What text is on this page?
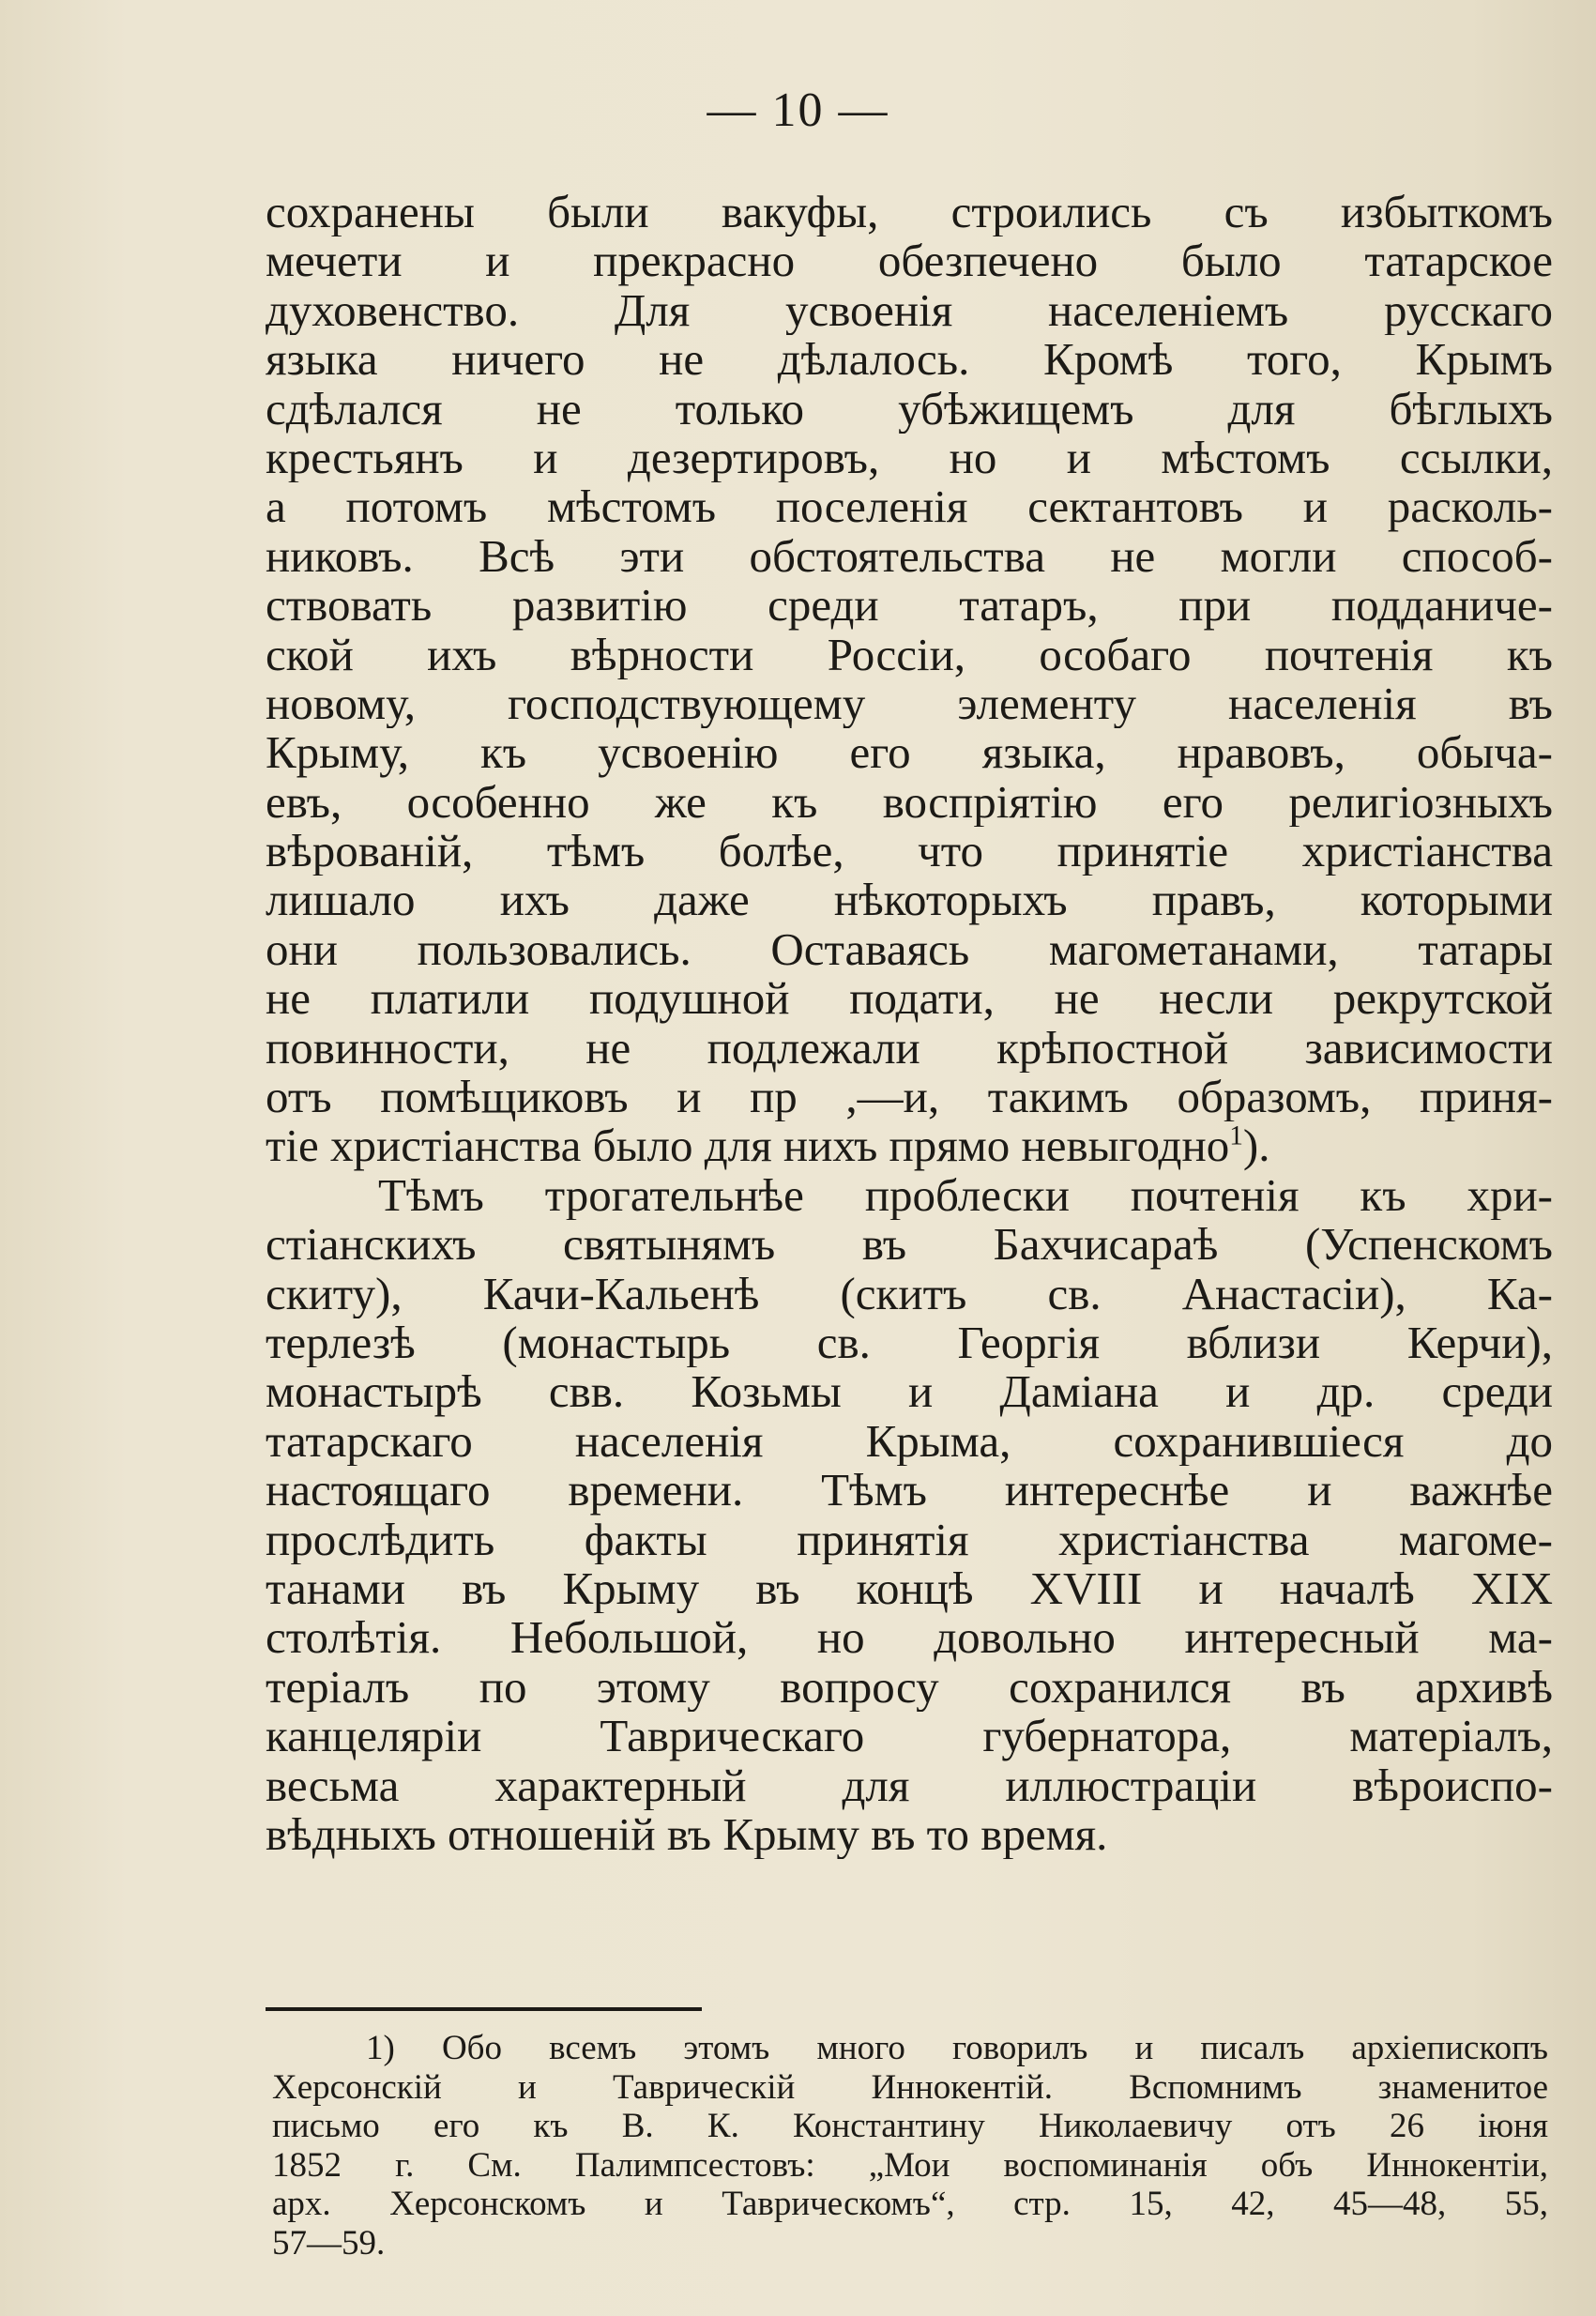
— 10 —
сохранены были вакуфы, строились съ избыткомъ
мечети и прекрасно обезпечено было татарское
духовенство. Для усвоенія населеніемъ русскаго
языка ничего не дѣлалось. Кромѣ того, Крымъ
сдѣлался не только убѣжищемъ для бѣглыхъ
крестьянъ и дезертировъ, но и мѣстомъ ссылки,
а потомъ мѣстомъ поселенія сектантовъ и расколь-
никовъ. Всѣ эти обстоятельства не могли способ-
ствовать развитію среди татаръ, при подданиче-
ской ихъ вѣрности Россіи, особаго почтенія къ
новому, господствующему элементу населенія въ
Крыму, къ усвоенію его языка, нравовъ, обыча-
евъ, особенно же къ воспріятію его религіозныхъ
вѣрованій, тѣмъ болѣе, что принятіе христіанства
лишало ихъ даже нѣкоторыхъ правъ, которыми
они пользовались. Оставаясь магометанами, татары
не платили подушной подати, не несли рекрутской
повинности, не подлежали крѣпостной зависимости
отъ помѣщиковъ и пр ,—и, такимъ образомъ, приня-
тіе христіанства было для нихъ прямо невыгодно$^1$).
Тѣмъ трогательнѣе проблески почтенія къ хри-
стіанскихъ святынямъ въ Бахчисараѣ (Успенскомъ
скиту), Качи-Кальенѣ (скитъ св. Анастасіи), Ка-
терлезѣ (монастырь св. Георгія вблизи Керчи),
монастырѣ свв. Козьмы и Даміана и др. среди
татарскаго населенія Крыма, сохранившіеся до
настоящаго времени. Тѣмъ интереснѣе и важнѣе
прослѣдить факты принятія христіанства магоме-
танами въ Крыму въ концѣ XVIII и началѣ XIX
столѣтія. Небольшой, но довольно интересный ма-
теріалъ по этому вопросу сохранился въ архивѣ
канцеляріи Таврическаго губернатора, матеріалъ,
весьма характерный для иллюстраціи вѣроиспо-
вѣдныхъ отношеній въ Крыму въ то время.
1) Обо всемъ этомъ много говорилъ и писалъ архіепископъ
Херсонскій и Таврическій Иннокентій. Вспомнимъ знаменитое
письмо его къ В. К. Константину Николаевичу отъ 26 іюня
1852 г. См. Палимпсестовъ: „Мои воспоминанія объ Иннокентіи,
арх. Херсонскомъ и Таврическомъ“, стр. 15, 42, 45—48, 55,
57—59.
